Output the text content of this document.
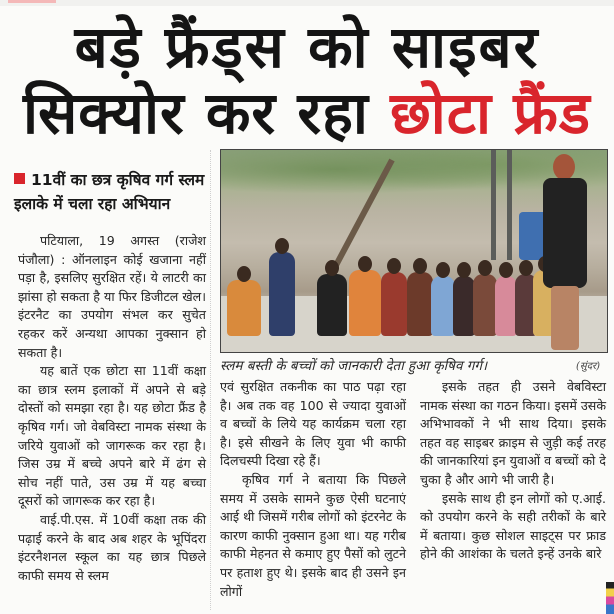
बड़े फ्रैंड्स को साइबर
सिक्योर कर रहा छोटा फ्रैंड
11वीं का छत्र कृषिव गर्ग स्लम इलाके में चला रहा अभियान

पटियाला, 19 अगस्त (राजेश पंजौला) : ऑनलाइन कोई खजाना नहीं पड़ा है, इसलिए सुरक्षित रहें। ये लाटरी का झांसा हो सकता है या फिर डिजीटल खेल। इंटरनैट का उपयोग संभल कर सुचेत रहकर करें अन्यथा आपका नुक्सान हो सकता है।

यह बातें एक छोटा सा 11वीं कक्षा का छात्र स्लम इलाकों में अपने से बड़े दोस्तों को समझा रहा है। यह छोटा फ्रैंड है कृषिव गर्ग। जो वेबविस्टा नामक संस्था के जरिये युवाओं को जागरूक कर रहा है। जिस उम्र में बच्चे अपने बारे में ढंग से सोच नहीं पाते, उस उम्र में यह बच्चा दूसरों को जागरूक कर रहा है।

वाई.पी.एस. में 10वीं कक्षा तक की पढ़ाई करने के बाद अब शहर के भूपिंदरा इंटरनैशनल स्कूल का यह छात्र पिछले काफी समय से स्लम

स्लम बस्ती के बच्चों को जानकारी देता हुआ कृषिव गर्ग।	(सुंदर)

एवं सुरक्षित तकनीक का पाठ पढ़ा रहा है। अब तक वह 100 से ज्यादा युवाओं व बच्चों के लिये यह कार्यक्रम चला रहा है। इसे सीखने के लिए युवा भी काफी दिलचस्पी दिखा रहे हैं।

कृषिव गर्ग ने बताया कि पिछले समय में उसके सामने कुछ ऐसी घटनाएं आई थी जिसमें गरीब लोगों को इंटरनेट के कारण काफी नुक्सान हुआ था। यह गरीब काफी मेहनत से कमाए हुए पैसों को लुटने पर हताश हुए थे। इसके बाद ही उसने इन लोगों

इसके तहत ही उसने वेबविस्टा नामक संस्था का गठन किया। इसमें उसके अभिभावकों ने भी साथ दिया। इसके तहत वह साइबर क्राइम से जुड़ी कई तरह की जानकारियां इन युवाओं व बच्चों को दे चुका है और आगे भी जारी है।

इसके साथ ही इन लोगों को ए.आई. को उपयोग करने के सही तरीकों के बारे में बताया। कुछ सोशल साइट्स पर फ्राड होने की आशंका के चलते इन्हें उनके बारे
